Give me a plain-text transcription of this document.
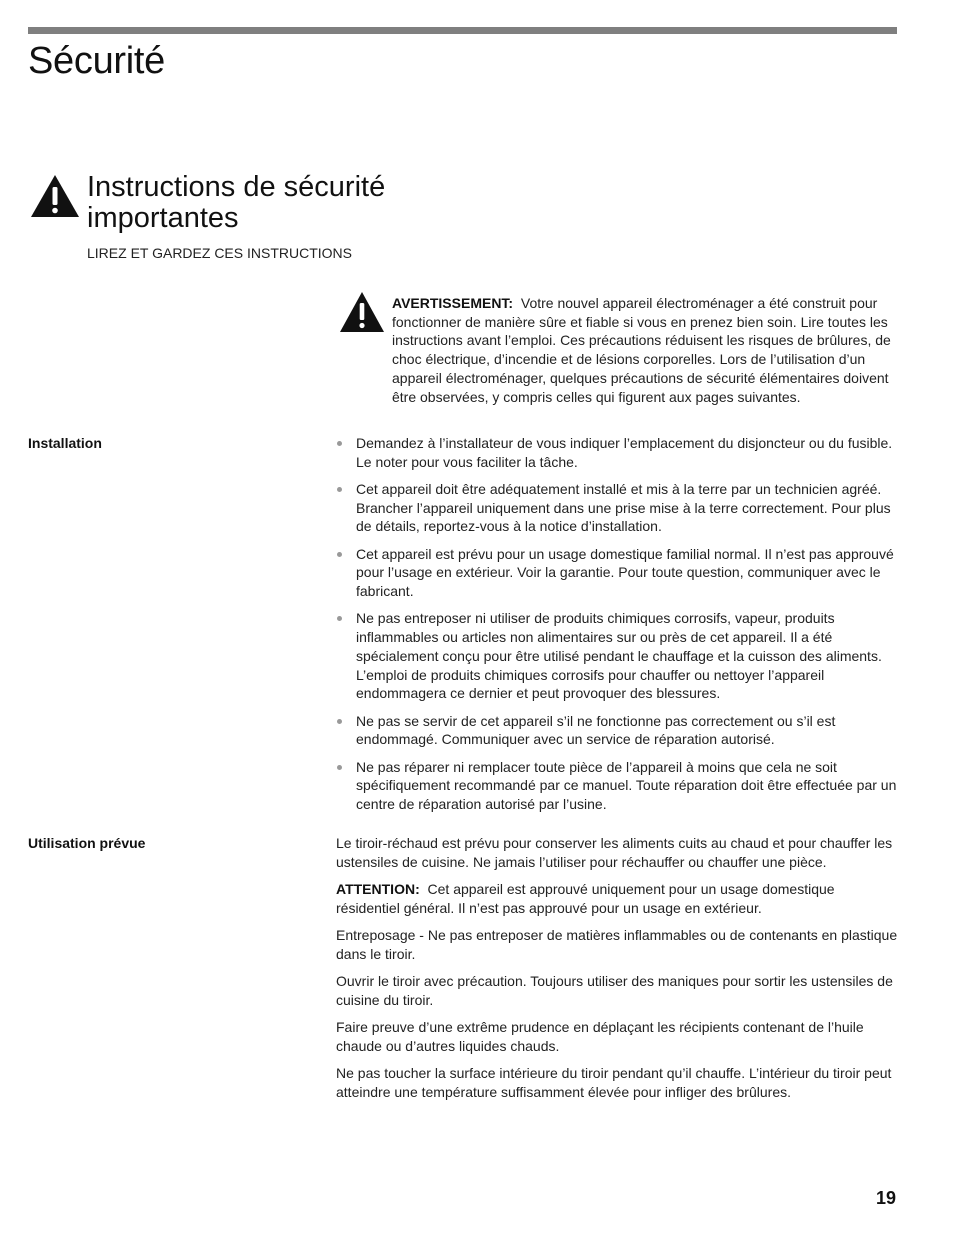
Sécurité
Instructions de sécurité importantes
LIREZ ET GARDEZ CES INSTRUCTIONS

AVERTISSEMENT: Votre nouvel appareil électroménager a été construit pour fonctionner de manière sûre et fiable si vous en prenez bien soin. Lire toutes les instructions avant l’emploi. Ces précautions réduisent les risques de brûlures, de choc électrique, d’incendie et de lésions corporelles. Lors de l’utilisation d’un appareil électroménager, quelques précautions de sécurité élémentaires doivent être observées, y compris celles qui figurent aux pages suivantes.

Installation	Demandez à l’installateur de vous indiquer l’emplacement du disjoncteur ou du fusible. Le noter pour vous faciliter la tâche.
Cet appareil doit être adéquatement installé et mis à la terre par un technicien agréé. Brancher l’appareil uniquement dans une prise mise à la terre correctement. Pour plus de détails, reportez-vous à la notice d’installation.
Cet appareil est prévu pour un usage domestique familial normal. Il n’est pas approuvé pour l’usage en extérieur. Voir la garantie. Pour toute question, communiquer avec le fabricant.
Ne pas entreposer ni utiliser de produits chimiques corrosifs, vapeur, produits inflammables ou articles non alimentaires sur ou près de cet appareil. Il a été spécialement conçu pour être utilisé pendant le chauffage et la cuisson des aliments. L’emploi de produits chimiques corrosifs pour chauffer ou nettoyer l’appareil endommagera ce dernier et peut provoquer des blessures.
Ne pas se servir de cet appareil s’il ne fonctionne pas correctement ou s’il est endommagé. Communiquer avec un service de réparation autorisé.
Ne pas réparer ni remplacer toute pièce de l’appareil à moins que cela ne soit spécifiquement recommandé par ce manuel. Toute réparation doit être effectuée par un centre de réparation autorisé par l’usine.
Utilisation prévue	Le tiroir-réchaud est prévu pour conserver les aliments cuits au chaud et pour chauffer les ustensiles de cuisine. Ne jamais l’utiliser pour réchauffer ou chauffer une pièce.

ATTENTION: Cet appareil est approuvé uniquement pour un usage domestique résidentiel général. Il n’est pas approuvé pour un usage en extérieur.

Entreposage - Ne pas entreposer de matières inflammables ou de contenants en plastique dans le tiroir.

Ouvrir le tiroir avec précaution. Toujours utiliser des maniques pour sortir les ustensiles de cuisine du tiroir.

Faire preuve d’une extrême prudence en déplaçant les récipients contenant de l’huile chaude ou d’autres liquides chauds.

Ne pas toucher la surface intérieure du tiroir pendant qu’il chauffe. L’intérieur du tiroir peut atteindre une température suffisamment élevée pour infliger des brûlures.

19
